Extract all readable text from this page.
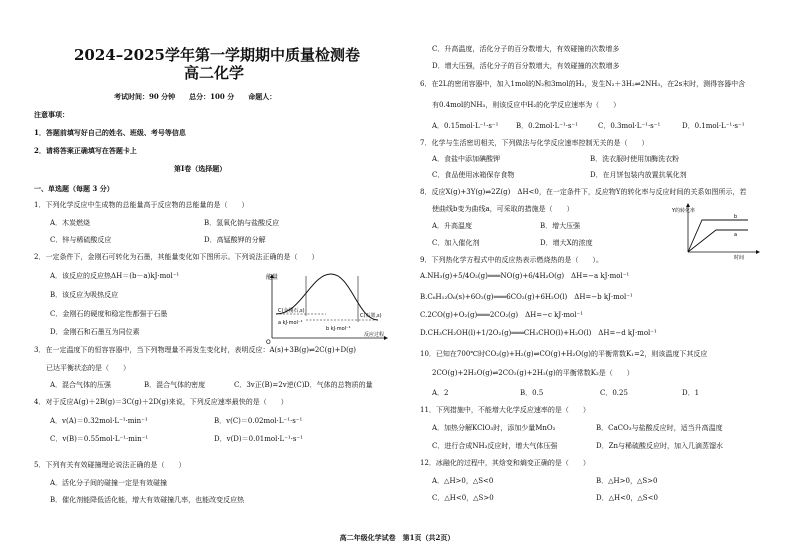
2024–2025学年第一学期期中质量检测卷
高二化学
考试时间：90 分钟　　总分：100 分　　命题人：
注意事项：
1．答题前填写好自己的姓名、班级、考号等信息
2．请将答案正确填写在答题卡上
第Ⅰ卷（选择题）
一、单选题（每题 3 分）
1．下列化学反应中生成物的总能量高于反应物的总能量的是（　　）
A．木炭燃烧	B．氢氧化钠与盐酸反应
C．锌与稀硫酸反应	D．高锰酸钾的分解
2．一定条件下，金刚石可转化为石墨，其能量变化如下图所示。下列说法正确的是（　　）
A．该反应的反应热ΔH＝(b－a)kJ·mol⁻¹
B．该反应为吸热反应
C．金刚石的硬度和稳定性都强于石墨
D．金刚石和石墨互为同位素
能量
C(金刚石,s)
C(石墨,s)
a kJ·mol⁻¹
b kJ·mol⁻¹
反应过程
O
3．在一定温度下的恒容容器中，当下列物理量不再发生变化时，表明反应：A(s)+3B(g)⇌2C(g)+D(g)
已达平衡状态的是（　　）
A．混合气体的压强	B．混合气体的密度	C．3v正(B)=2v逆(C) D．气体的总物质的量
4．对于反应A(g)＋2B(g)＝3C(g)＋2D(g)来说，下列反应速率最快的是（　　）
A．v(A)＝0.32mol·L⁻¹·min⁻¹	B．v(C)＝0.02mol·L⁻¹·s⁻¹
C．v(B)＝0.55mol·L⁻¹·min⁻¹	D．v(D)＝0.01mol·L⁻¹·s⁻¹
5．下列有关有效碰撞理论说法正确的是（　　）
A．活化分子间的碰撞一定是有效碰撞
B．催化剂能降低活化能，增大有效碰撞几率，也能改变反应热
C．升高温度，活化分子的百分数增大，有效碰撞的次数增多
D．增大压强，活化分子的百分数增大，有效碰撞的次数增多
6．在2L的密闭容器中，加入1mol的N₂和3mol的H₂，发生N₂＋3H₂⇌2NH₃，在2s末时，测得容器中含
有0.4mol的NH₃，则该反应中H₂的化学反应速率为（　　）
A．0.15mol·L⁻¹·s⁻¹	B．0.2mol·L⁻¹·s⁻¹	C．0.3mol·L⁻¹·s⁻¹	D．0.1mol·L⁻¹·s⁻¹
7．化学与生活密切相关，下列做法与化学反应速率控制无关的是（　　）
A．食盐中添加碘酸钾	B．洗衣服时使用加酶洗衣粉
C．食品使用冰箱保存食物	D．在月饼包装内放置抗氧化剂
8．反应X(g)+3Y(g)⇌2Z(g)　ΔH<0，在一定条件下，反应物Y的转化率与反应时间的关系如图所示，若
使曲线b变为曲线a，可采取的措施是（　　）
A．升高温度	B．增大压强
C．加入催化剂	D．增大X的浓度
Y的转化率
b
a
时间
9．下列热化学方程式中的反应热表示燃烧热的是（　　）。
A.NH₃(g)+5/4O₂(g)═══NO(g)+6/4H₂O(g)　ΔH=−a kJ·mol⁻¹
B.C₆H₁₂O₆(s)+6O₂(g)═══6CO₂(g)+6H₂O(l)　ΔH=−b kJ·mol⁻¹
C.2CO(g)+O₂(g)═══2CO₂(g)　ΔH=−c kJ·mol⁻¹
D.CH₃CH₂OH(l)+1/2O₂(g)═══CH₃CHO(l)+H₂O(l)　ΔH=−d kJ·mol⁻¹
10．已知在700℃时CO₂(g)+H₂(g)⇌CO(g)+H₂O(g)的平衡常数K₁=2，则该温度下其反应
2CO(g)+2H₂O(g)⇌2CO₂(g)+2H₂(g)的平衡常数K₂是（　　）
A．2	B．0.5	C．0.25	D．1
11．下列措施中，不能增大化学反应速率的是（　　）
A．加热分解KClO₃时，添加少量MnO₂	B．CaCO₃与盐酸反应时，适当升高温度
C．进行合成NH₃反应时，增大气体压强	D．Zn与稀硫酸反应时，加入几滴蒸馏水
12．冰融化的过程中，其焓变和熵变正确的是（　　）
A．△H>0，△S<0	B．△H>0，△S>0
C．△H<0，△S>0	D．△H<0，△S<0
高二年级化学试卷　第1页（共2页）
